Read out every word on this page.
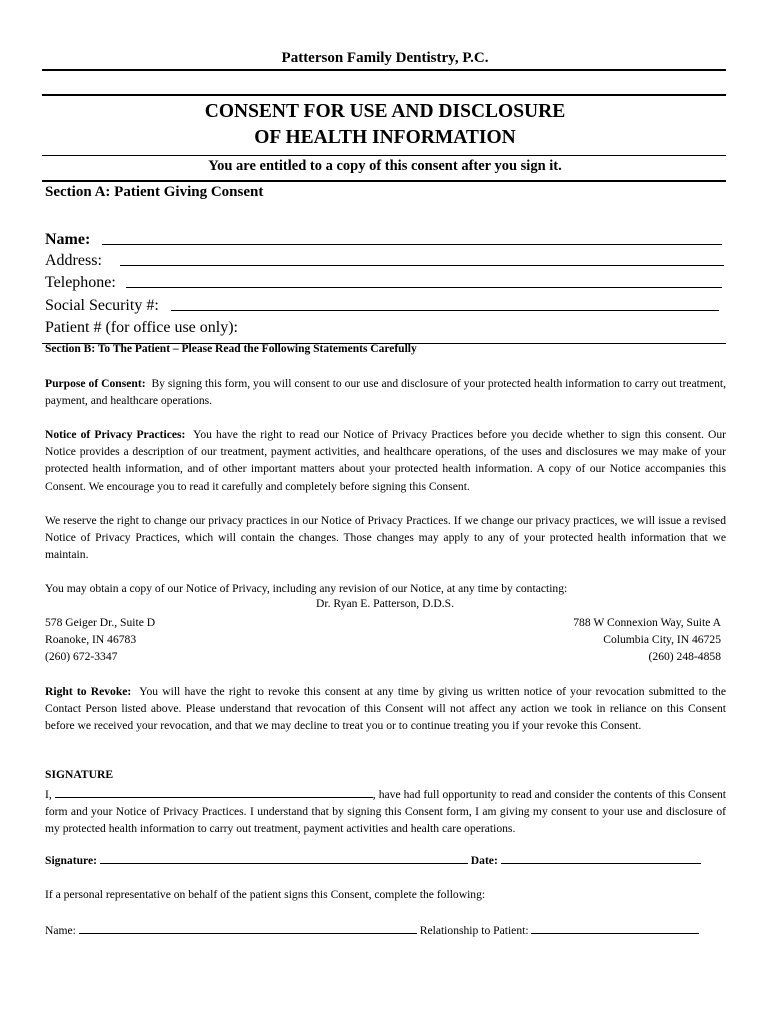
Patterson Family Dentistry, P.C.
CONSENT FOR USE AND DISCLOSURE
OF HEALTH INFORMATION
You are entitled to a copy of this consent after you sign it.
Section A: Patient Giving Consent
Name:
Address:
Telephone:
Social Security #:
Patient # (for office use only):
Section B: To The Patient – Please Read the Following Statements Carefully
Purpose of Consent: By signing this form, you will consent to our use and disclosure of your protected health information to carry out treatment, payment, and healthcare operations.
Notice of Privacy Practices: You have the right to read our Notice of Privacy Practices before you decide whether to sign this consent. Our Notice provides a description of our treatment, payment activities, and healthcare operations, of the uses and disclosures we may make of your protected health information, and of other important matters about your protected health information. A copy of our Notice accompanies this Consent. We encourage you to read it carefully and completely before signing this Consent.
We reserve the right to change our privacy practices in our Notice of Privacy Practices. If we change our privacy practices, we will issue a revised Notice of Privacy Practices, which will contain the changes. Those changes may apply to any of your protected health information that we maintain.
You may obtain a copy of our Notice of Privacy, including any revision of our Notice, at any time by contacting:
Dr. Ryan E. Patterson, D.D.S.
578 Geiger Dr., Suite D
Roanoke, IN 46783
(260) 672-3347
788 W Connexion Way, Suite A
Columbia City, IN 46725
(260) 248-4858
Right to Revoke: You will have the right to revoke this consent at any time by giving us written notice of your revocation submitted to the Contact Person listed above. Please understand that revocation of this Consent will not affect any action we took in reliance on this Consent before we received your revocation, and that we may decline to treat you or to continue treating you if your revoke this Consent.
SIGNATURE
I,	, have had full opportunity to read and consider the contents of this Consent form and your Notice of Privacy Practices. I understand that by signing this Consent form, I am giving my consent to your use and disclosure of my protected health information to carry out treatment, payment activities and health care operations.
Signature:	Date:
If a personal representative on behalf of the patient signs this Consent, complete the following:
Name:	Relationship to Patient:
